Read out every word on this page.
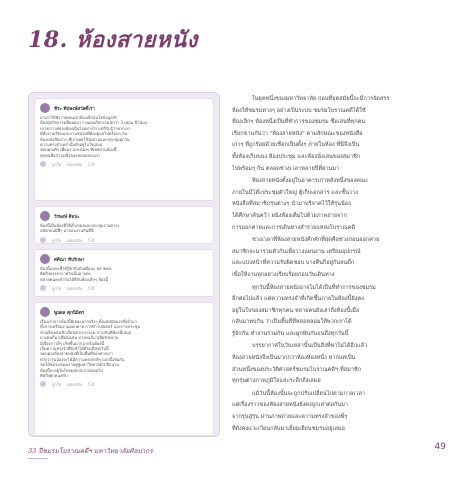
18. ห้องสายหนัง
ชีระ ทีปพงษ์สวัสดิ์เรา
มาเล่าให้ฟังว่าตอนแรกห้องเล็กสนใจข้อมูลรัก
ห้องนักกิจกรรมที่คอยมาวางแผนกิจกรรมนับว่า 3 เทอม ปีโน้นๆ
บรรยากาศของห้องเป็นไปอย่างไร แต่ก็รับรู้ว่าพวกเขา
มีทั้งงานเรียนและงานชมรมที่ต้องดูแลไปพร้อมๆ กัน
ห้องหนังสือเก่าๆ ที่เราเคยใช้นั่งอ่านและประชุมทุกวัน
ความทรงจำเหล่านั้นยังอยู่ในใจเสมอ
ขอบคุณพี่ๆ เพื่อนๆ และน้องๆ ที่เคยผ่านห้องนี้
ทุกคนคือส่วนหนึ่งของชมรมของเรา
ถูกใจ ตอบกลับ 5 ปี
วีรพงษ์ ศิลปะ
ห้องนี้เป็นห้องที่ใช้เก็บของและประชุมงานต่างๆ
สมัยก่อนมีพี่ๆ มาสอนงานกันที่นี่
ถูกใจ ตอบกลับ 5 ปี
ศศิณา ทีปรักษา
ห้องนี้แหละที่ได้รู้จักกันกับเพื่อนๆ หลายคน
คิดถึงบรรยากาศวันนั้นมากค่ะ
หลายคนคงจำกันได้ดีกับห้องเล็กๆ ห้องนี้
ถูกใจ ตอบกลับ 5 ปี
พูนผล ศุภนิมิตร
เรื่องเล่าจากห้องนี้มีเยอะมากจริงๆ ตั้งแต่สมัยแรกที่เข้ามา
ทั้งการเตรียมงานออกค่าย การทำโปสเตอร์ และการประชุม
ช่วงเย็นหลังเลิกเรียนพวกเราจะมารวมกันที่ห้องนี้เสมอ
บางคนก็มาเพื่อนั่งเล่น บางคนก็มาเพื่อช่วยงาน
มีเรื่องราวดีๆ เกิดขึ้นมากมายในห้องนี้
เป็นความทรงจำที่ยังจำได้ดีจนถึงทุกวันนี้
ขอบคุณห้องสายหนังที่เป็นพื้นที่ของพวกเรา
หวังว่ารุ่นน้องจะได้มีความทรงจำดีๆ แบบนี้เช่นกัน
ขอให้ชมรมของเราอยู่คู่มหาวิทยาลัยไปอีกนาน
ห้องนี้จะอยู่ในใจของพวกเราตลอดไป
คิดถึงทุกคนครับ
ถูกใจ ตอบกลับ 5 ปี

ในยุคหนึ่งของมหาวิทยาลัย ก่อนที่ยุคสมัยนี้จะมีการจัดสรร
ห้องให้ชมรมต่างๆ อย่างเป็นระบบ ชมรมโบราณคดีได้ใช้
ห้องเล็กๆ ห้องหนึ่งเป็นที่ทำการของชมรม ชื่อเล่นที่ทุกคน
เรียกขานกันว่า "ห้องสายหนัง" ตามลักษณะของหนังสือ
เก่าๆ ที่ถูกร้อยด้วยเชือกเป็นตั้งๆ ภายในห้อง ที่นี่จึงเป็น
ทั้งห้องเก็บของ ห้องประชุม และห้องนั่งเล่นของสมาชิก
ไปพร้อมๆ กัน ตลอดช่วงเวลาหลายปีที่ผ่านมา

ห้องสายหนังตั้งอยู่ในอาคารเก่าหลังหนึ่งของคณะ
ภายในมีโต๊ะประชุมตัวใหญ่ ตู้เก็บเอกสาร และชั้นวาง
หนังสือที่สมาชิกรุ่นต่างๆ นำมาบริจาคไว้ให้รุ่นน้อง
ได้ศึกษาค้นคว้า ผนังห้องเต็มไปด้วยภาพถ่ายจาก
การออกค่ายและการเดินทางสำรวจแหล่งโบราณคดี

ช่วงเวลาที่ห้องสายหนังคึกคักที่สุดคือช่วงก่อนออกค่าย
สมาชิกจะมารวมตัวกันเพื่อวางแผนงาน เตรียมอุปกรณ์
และแบ่งหน้าที่ความรับผิดชอบ บางคืนก็อยู่กันจนดึก
เพื่อให้งานทุกอย่างเรียบร้อยก่อนวันเดินทาง

ทุกวันนี้ห้องสายหนังอาจไม่ได้เป็นที่ทำการของชมรม
อีกต่อไปแล้ว แต่ความทรงจำที่เกิดขึ้นภายในห้องนี้ยังคง
อยู่ในใจของสมาชิกทุกคน หลายคนยังเล่าถึงห้องนี้เมื่อ
กลับมาพบกัน ว่าเป็นพื้นที่ที่หล่อหลอมให้พวกเราได้
รู้จักกัน ทำงานร่วมกัน และผูกพันกันจนถึงทุกวันนี้

บรรยากาศในวันเหล่านั้นเป็นสิ่งที่หาไม่ได้อีกแล้ว
ห้องสายหนังจึงเป็นมากกว่าห้องห้องหนึ่ง หากแต่เป็น
ส่วนหนึ่งของประวัติศาสตร์ชมรมโบราณคดีฯ ที่สมาชิก
ทุกรุ่นต่างภาคภูมิใจและระลึกถึงเสมอ

แม้วันนี้ห้องนั้นจะถูกปรับเปลี่ยนไปตามกาลเวลา
แต่เรื่องราวของห้องสายหนังยังคงถูกเล่าต่อกันมา
จากรุ่นสู่รุ่น ผ่านภาพถ่ายและความทรงจำของพี่ๆ
ที่ยังคงแวะเวียนกลับมาเยี่ยมเยียนชมรมอยู่เสมอ

33 ปีชมรมโบราณคดีฯ มหาวิทยาลัยศิลปากร	49
